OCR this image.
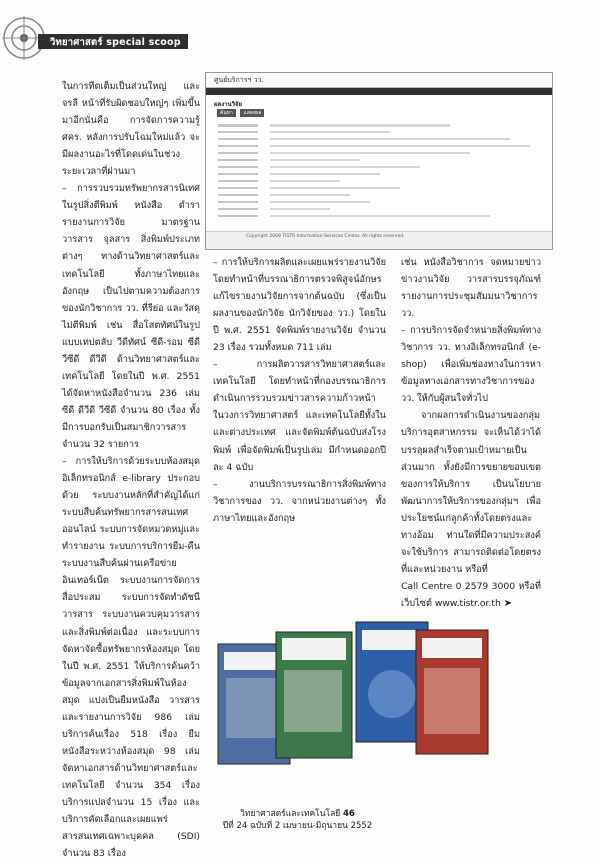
วิทยาศาสตร์ special scoop

ในการทีตเต็มเป็นส่วนใหญ่ และจรลี หน้าที่รับผิดชอบใหญ่ๆ เพิ่มขึ้นมาอีกนั่นคือ การจัดการความรู้ ศคร. หลังการปรับโฉมใหม่แล้ว จะมีผลงานอะไรที่โดดเด่นในช่วงระยะเวลาที่ผ่านมา

– การรวบรวมทรัพยากรสารนิเทศในรูปสิ่งตีพิมพ์ หนังสือ ตำรา รายงานการวิจัย มาตรฐาน วารสาร จุลสาร สิ่งพิมพ์ประเภทต่างๆ ทางด้านวิทยาศาสตร์และเทคโนโลยี ทั้งภาษาไทยและอังกฤษ เป็นไปตามความต้องการของนักวิชาการ วว. ที่รีย่อ และวัสดุไม่ตีพิมพ์ เช่น สื่อโสตทัศน์ในรูปแบบเทปตลับ วีดีทัศน์ ซีดี-รอม ซีดี วีซีดี ดีวีดี ด้านวิทยาศาสตร์และเทคโนโลยี โดยในปี พ.ศ. 2551 ได้จัดหาหนังสือจำนวน 236 เล่ม ซีดี ดีวีดี วีซีดี จำนวน 80 เรื่อง ทั้งมีการบอกรับเป็นสมาชิกวารสาร จำนวน 32 รายการ

– การให้บริการด้วยระบบห้องสมุดอิเล็กทรอนิกส์ e-library ประกอบด้วย ระบบงานหลักที่สำคัญได้แก่ ระบบสืบค้นทรัพยากรสารสนเทศออนไลน์ ระบบการจัดหมวดหมู่และทำรายงาน ระบบการบริการยืม-คืน ระบบงานสืบค้นผ่านเครือข่ายอินเทอร์เน็ต ระบบงานการจัดการสื่อประสม ระบบการจัดทำดัชนีวารสาร ระบบงานควบคุมวารสารและสิ่งพิมพ์ต่อเนื่อง และระบบการจัดหาจัดซื้อทรัพยากรห้องสมุด โดยในปี พ.ศ. 2551 ให้บริการค้นคว้าข้อมูลจากเอกสารสิ่งพิมพ์ในห้องสมุด แบ่งเป็นยืมหนังสือ วารสาร และรายงานการวิจัย 986 เล่ม บริการค้นเรื่อง 518 เรื่อง ยืมหนังสือระหว่างห้องสมุด 98 เล่ม จัดหาเอกสารด้านวิทยาศาสตร์และเทคโนโลยี จำนวน 354 เรื่อง บริการแปลจำนวน 15 เรื่อง และบริการคัดเลือกและเผยแพร่สารสนเทศเฉพาะบุคคล (SDI) จำนวน 83 เรื่อง

ศูนย์บริการฯ วว.
ผลงานวิจัย
ค้นหา แสดงผล
Copyright 2009 TISTR Information Services Center. All rights reserved.

– การให้บริการผลิตและเผยแพร่รายงานวิจัย โดยทำหน้าที่บรรณาธิการตรวจพิสูจน์อักษร แก้ไขรายงานวิจัยการจากต้นฉบับ (ซึ่งเป็นผลงานของนักวิจัย นักวิจัยของ วว.) โดยในปี พ.ศ. 2551 จัดพิมพ์รายงานวิจัย จำนวน 23 เรื่อง รวมทั้งหมด 711 เล่ม

– การผลิตวารสารวิทยาศาสตร์และเทคโนโลยี โดยทำหน้าที่กองบรรณาธิการ ดำเนินการรวบรวมข่าวสารความก้าวหน้าในวงการวิทยาศาสตร์ และเทคโนโลยีทั้งในและต่างประเทศ และจัดพิมพ์ต้นฉบับส่งโรงพิมพ์ เพื่อจัดพิมพ์เป็นรูปเล่ม มีกำหนดออกปีละ 4 ฉบับ

– งานบริการบรรณาธิการสิ่งพิมพ์ทางวิชาการของ วว. จากหน่วยงานต่างๆ ทั้งภาษาไทยและอังกฤษ

เช่น หนังสือวิชาการ จดหมายข่าว ข่าวงานวิจัย วารสารบรรจุภัณฑ์ รายงานการประชุมสัมมนาวิชาการ วว.

– การบริการจัดจำหน่ายสิ่งพิมพ์ทางวิชาการ วว. ทางอิเล็กทรอนิกส์ (e-shop) เพื่อเพิ่มช่องทางในการหาข้อมูลทางเอกสารทางวิชาการของ วว. ให้กับผู้สนใจทั่วไป

จากผลการดำเนินงานของกลุ่มบริการอุตสาหกรรม จะเห็นได้ว่าได้บรรลุผลสำเร็จตามเป้าหมายเป็นส่วนมาก ทั้งยังมีการขยายขอบเขตของการให้บริการ เป็นนโยบายพัฒนาการให้บริการของกลุ่มฯ เพื่อประโยชน์แก่ลูกค้าทั้งโดยตรงและทางอ้อม ท่านใดที่มีความประสงค์จะใช้บริการ สามารถติดต่อโดยตรงที่และหน่วยงาน หรือที่

Call Centre 0 2579 3000 หรือที่เว็บไซต์ www.tistr.or.th ➤

วิทยาศาสตร์และเทคโนโลยี 46
ปีที่ 24 ฉบับที่ 2 เมษายน-มิถุนายน 2552
